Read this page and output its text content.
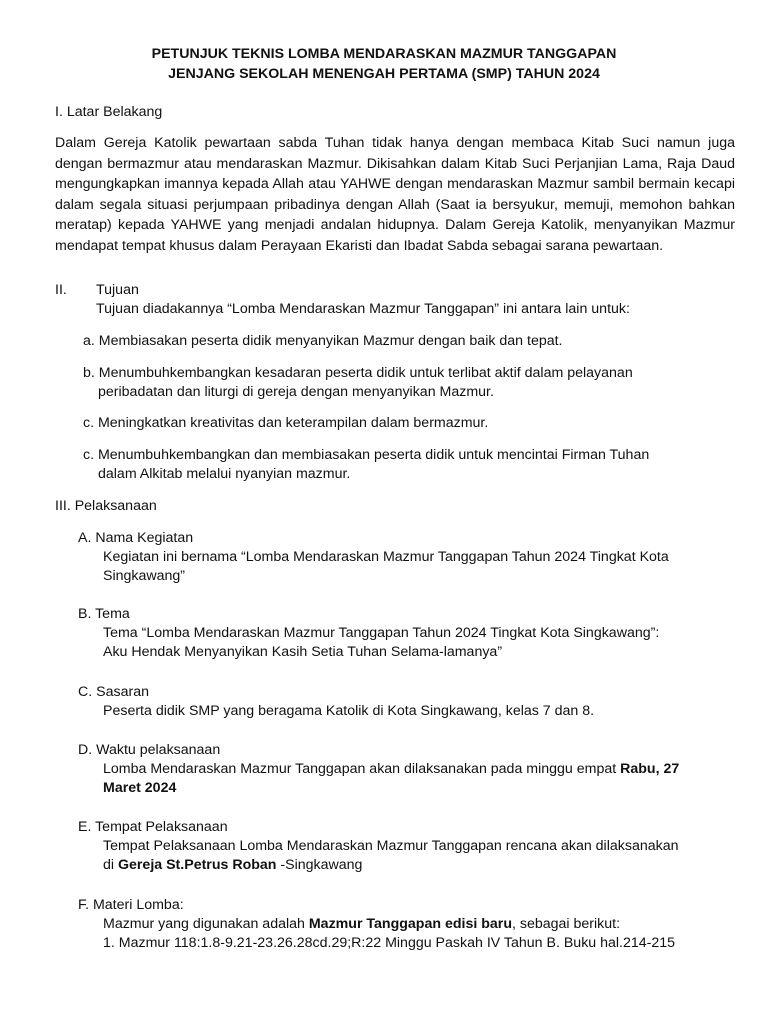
PETUNJUK TEKNIS LOMBA MENDARASKAN MAZMUR TANGGAPAN
JENJANG SEKOLAH MENENGAH PERTAMA (SMP) TAHUN 2024
I. Latar Belakang
Dalam Gereja Katolik pewartaan sabda Tuhan tidak hanya dengan membaca Kitab Suci namun juga dengan bermazmur atau mendaraskan Mazmur. Dikisahkan dalam Kitab Suci Perjanjian Lama, Raja Daud mengungkapkan imannya kepada Allah atau YAHWE dengan mendaraskan Mazmur sambil bermain kecapi dalam segala situasi perjumpaan pribadinya dengan Allah (Saat ia bersyukur, memuji, memohon bahkan meratap) kepada YAHWE yang menjadi andalan hidupnya. Dalam Gereja Katolik, menyanyikan Mazmur mendapat tempat khusus dalam Perayaan Ekaristi dan Ibadat Sabda sebagai sarana pewartaan.
II. Tujuan
Tujuan diadakannya “Lomba Mendaraskan Mazmur Tanggapan” ini antara lain untuk:
a. Membiasakan peserta didik menyanyikan Mazmur dengan baik dan tepat.
b. Menumbuhkembangkan kesadaran peserta didik untuk terlibat aktif dalam pelayanan
peribadatan dan liturgi di gereja dengan menyanyikan Mazmur.
c. Meningkatkan kreativitas dan keterampilan dalam bermazmur.
c. Menumbuhkembangkan dan membiasakan peserta didik untuk mencintai Firman Tuhan
dalam Alkitab melalui nyanyian mazmur.
III. Pelaksanaan
A. Nama Kegiatan
Kegiatan ini bernama “Lomba Mendaraskan Mazmur Tanggapan Tahun 2024 Tingkat Kota
Singkawang”
B. Tema
Tema “Lomba Mendaraskan Mazmur Tanggapan Tahun 2024 Tingkat Kota Singkawang”:
Aku Hendak Menyanyikan Kasih Setia Tuhan Selama-lamanya”
C. Sasaran
Peserta didik SMP yang beragama Katolik di Kota Singkawang, kelas 7 dan 8.
D. Waktu pelaksanaan
Lomba Mendaraskan Mazmur Tanggapan akan dilaksanakan pada minggu empat Rabu, 27
Maret 2024
E. Tempat Pelaksanaan
Tempat Pelaksanaan Lomba Mendaraskan Mazmur Tanggapan rencana akan dilaksanakan
di Gereja St.Petrus Roban -Singkawang
F. Materi Lomba:
Mazmur yang digunakan adalah Mazmur Tanggapan edisi baru, sebagai berikut:
1. Mazmur 118:1.8-9.21-23.26.28cd.29;R:22 Minggu Paskah IV Tahun B. Buku hal.214-215
